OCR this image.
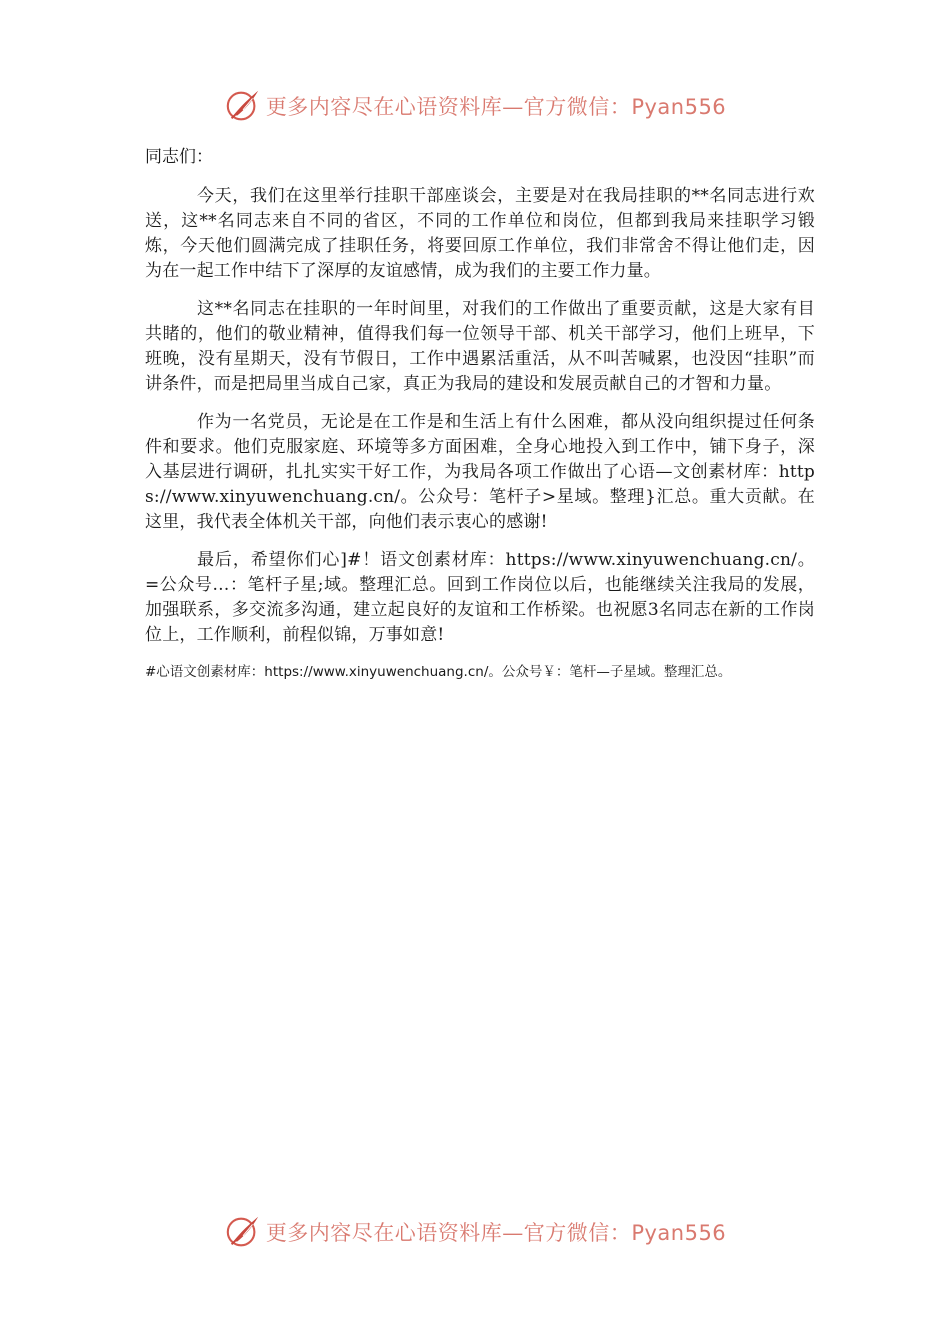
更多内容尽在心语资料库—官方微信：Pyan556

同志们：

今天，我们在这里举行挂职干部座谈会，主要是对在我局挂职的**名同志进行欢送，这**名同志来自不同的省区，不同的工作单位和岗位，但都到我局来挂职学习锻炼，今天他们圆满完成了挂职任务，将要回原工作单位，我们非常舍不得让他们走，因为在一起工作中结下了深厚的友谊感情，成为我们的主要工作力量。

这**名同志在挂职的一年时间里，对我们的工作做出了重要贡献，这是大家有目共睹的，他们的敬业精神，值得我们每一位领导干部、机关干部学习，他们上班早，下班晚，没有星期天，没有节假日，工作中遇累活重活，从不叫苦喊累，也没因“挂职”而讲条件，而是把局里当成自己家，真正为我局的建设和发展贡献自己的才智和力量。

作为一名党员，无论是在工作是和生活上有什么困难，都从没向组织提过任何条件和要求。他们克服家庭、环境等多方面困难，全身心地投入到工作中，铺下身子，深入基层进行调研，扎扎实实干好工作，为我局各项工作做出了心语—文创素材库：https://www.xinyuwenchuang.cn/。公众号：笔杆子>星域。整理}汇总。重大贡献。在这里，我代表全体机关干部，向他们表示衷心的感谢!

最后，希望你们心]#！语文创素材库：https://www.xinyuwenchuang.cn/。=公众号…：笔杆子星;域。整理汇总。回到工作岗位以后，也能继续关注我局的发展，加强联系，多交流多沟通，建立起良好的友谊和工作桥梁。也祝愿3名同志在新的工作岗位上，工作顺利，前程似锦，万事如意!

#心语文创素材库：https://www.xinyuwenchuang.cn/。公众号￥：笔杆—子星域。整理汇总。

更多内容尽在心语资料库—官方微信：Pyan556
